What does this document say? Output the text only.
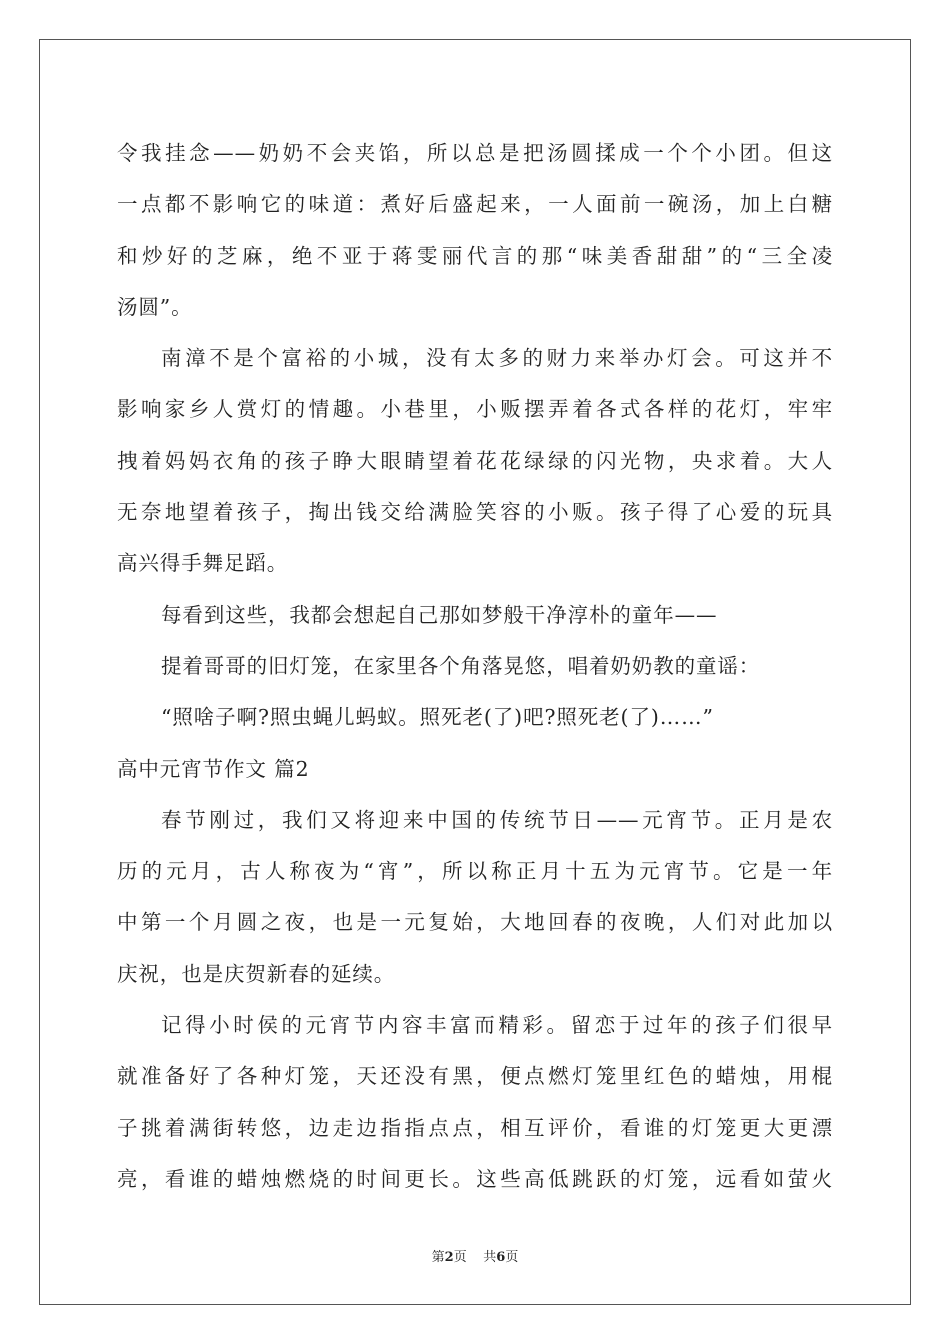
令我挂念——奶奶不会夹馅，所以总是把汤圆揉成一个个小团。但这
一点都不影响它的味道：煮好后盛起来，一人面前一碗汤，加上白糖
和炒好的芝麻，绝不亚于蒋雯丽代言的那“味美香甜甜”的“三全凌
汤圆”。
南漳不是个富裕的小城，没有太多的财力来举办灯会。可这并不
影响家乡人赏灯的情趣。小巷里，小贩摆弄着各式各样的花灯，牢牢
拽着妈妈衣角的孩子睁大眼睛望着花花绿绿的闪光物，央求着。大人
无奈地望着孩子，掏出钱交给满脸笑容的小贩。孩子得了心爱的玩具
高兴得手舞足蹈。
每看到这些，我都会想起自己那如梦般干净淳朴的童年——
提着哥哥的旧灯笼，在家里各个角落晃悠，唱着奶奶教的童谣：
“照啥子啊?照虫蝇儿蚂蚁。照死老(了)吧?照死老(了)……”
高中元宵节作文 篇2
春节刚过，我们又将迎来中国的传统节日——元宵节。正月是农
历的元月，古人称夜为“宵”，所以称正月十五为元宵节。它是一年
中第一个月圆之夜，也是一元复始，大地回春的夜晚，人们对此加以
庆祝，也是庆贺新春的延续。
记得小时侯的元宵节内容丰富而精彩。留恋于过年的孩子们很早
就准备好了各种灯笼，天还没有黑，便点燃灯笼里红色的蜡烛，用棍
子挑着满街转悠，边走边指指点点，相互评价，看谁的灯笼更大更漂
亮，看谁的蜡烛燃烧的时间更长。这些高低跳跃的灯笼，远看如萤火
第2页 共6页
